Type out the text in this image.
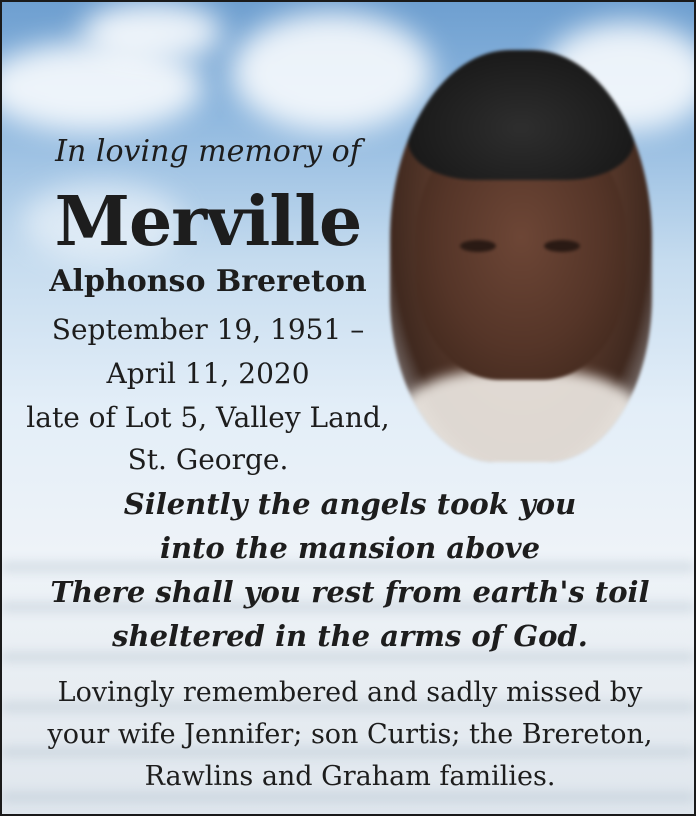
In loving memory of
Merville
Alphonso Brereton
September 19, 1951 –
April 11, 2020
late of Lot 5, Valley Land,
St. George.
Silently the angels took you
into the mansion above
There shall you rest from earth's toil
sheltered in the arms of God.
Lovingly remembered and sadly missed by
your wife Jennifer; son Curtis; the Brereton,
Rawlins and Graham families.
